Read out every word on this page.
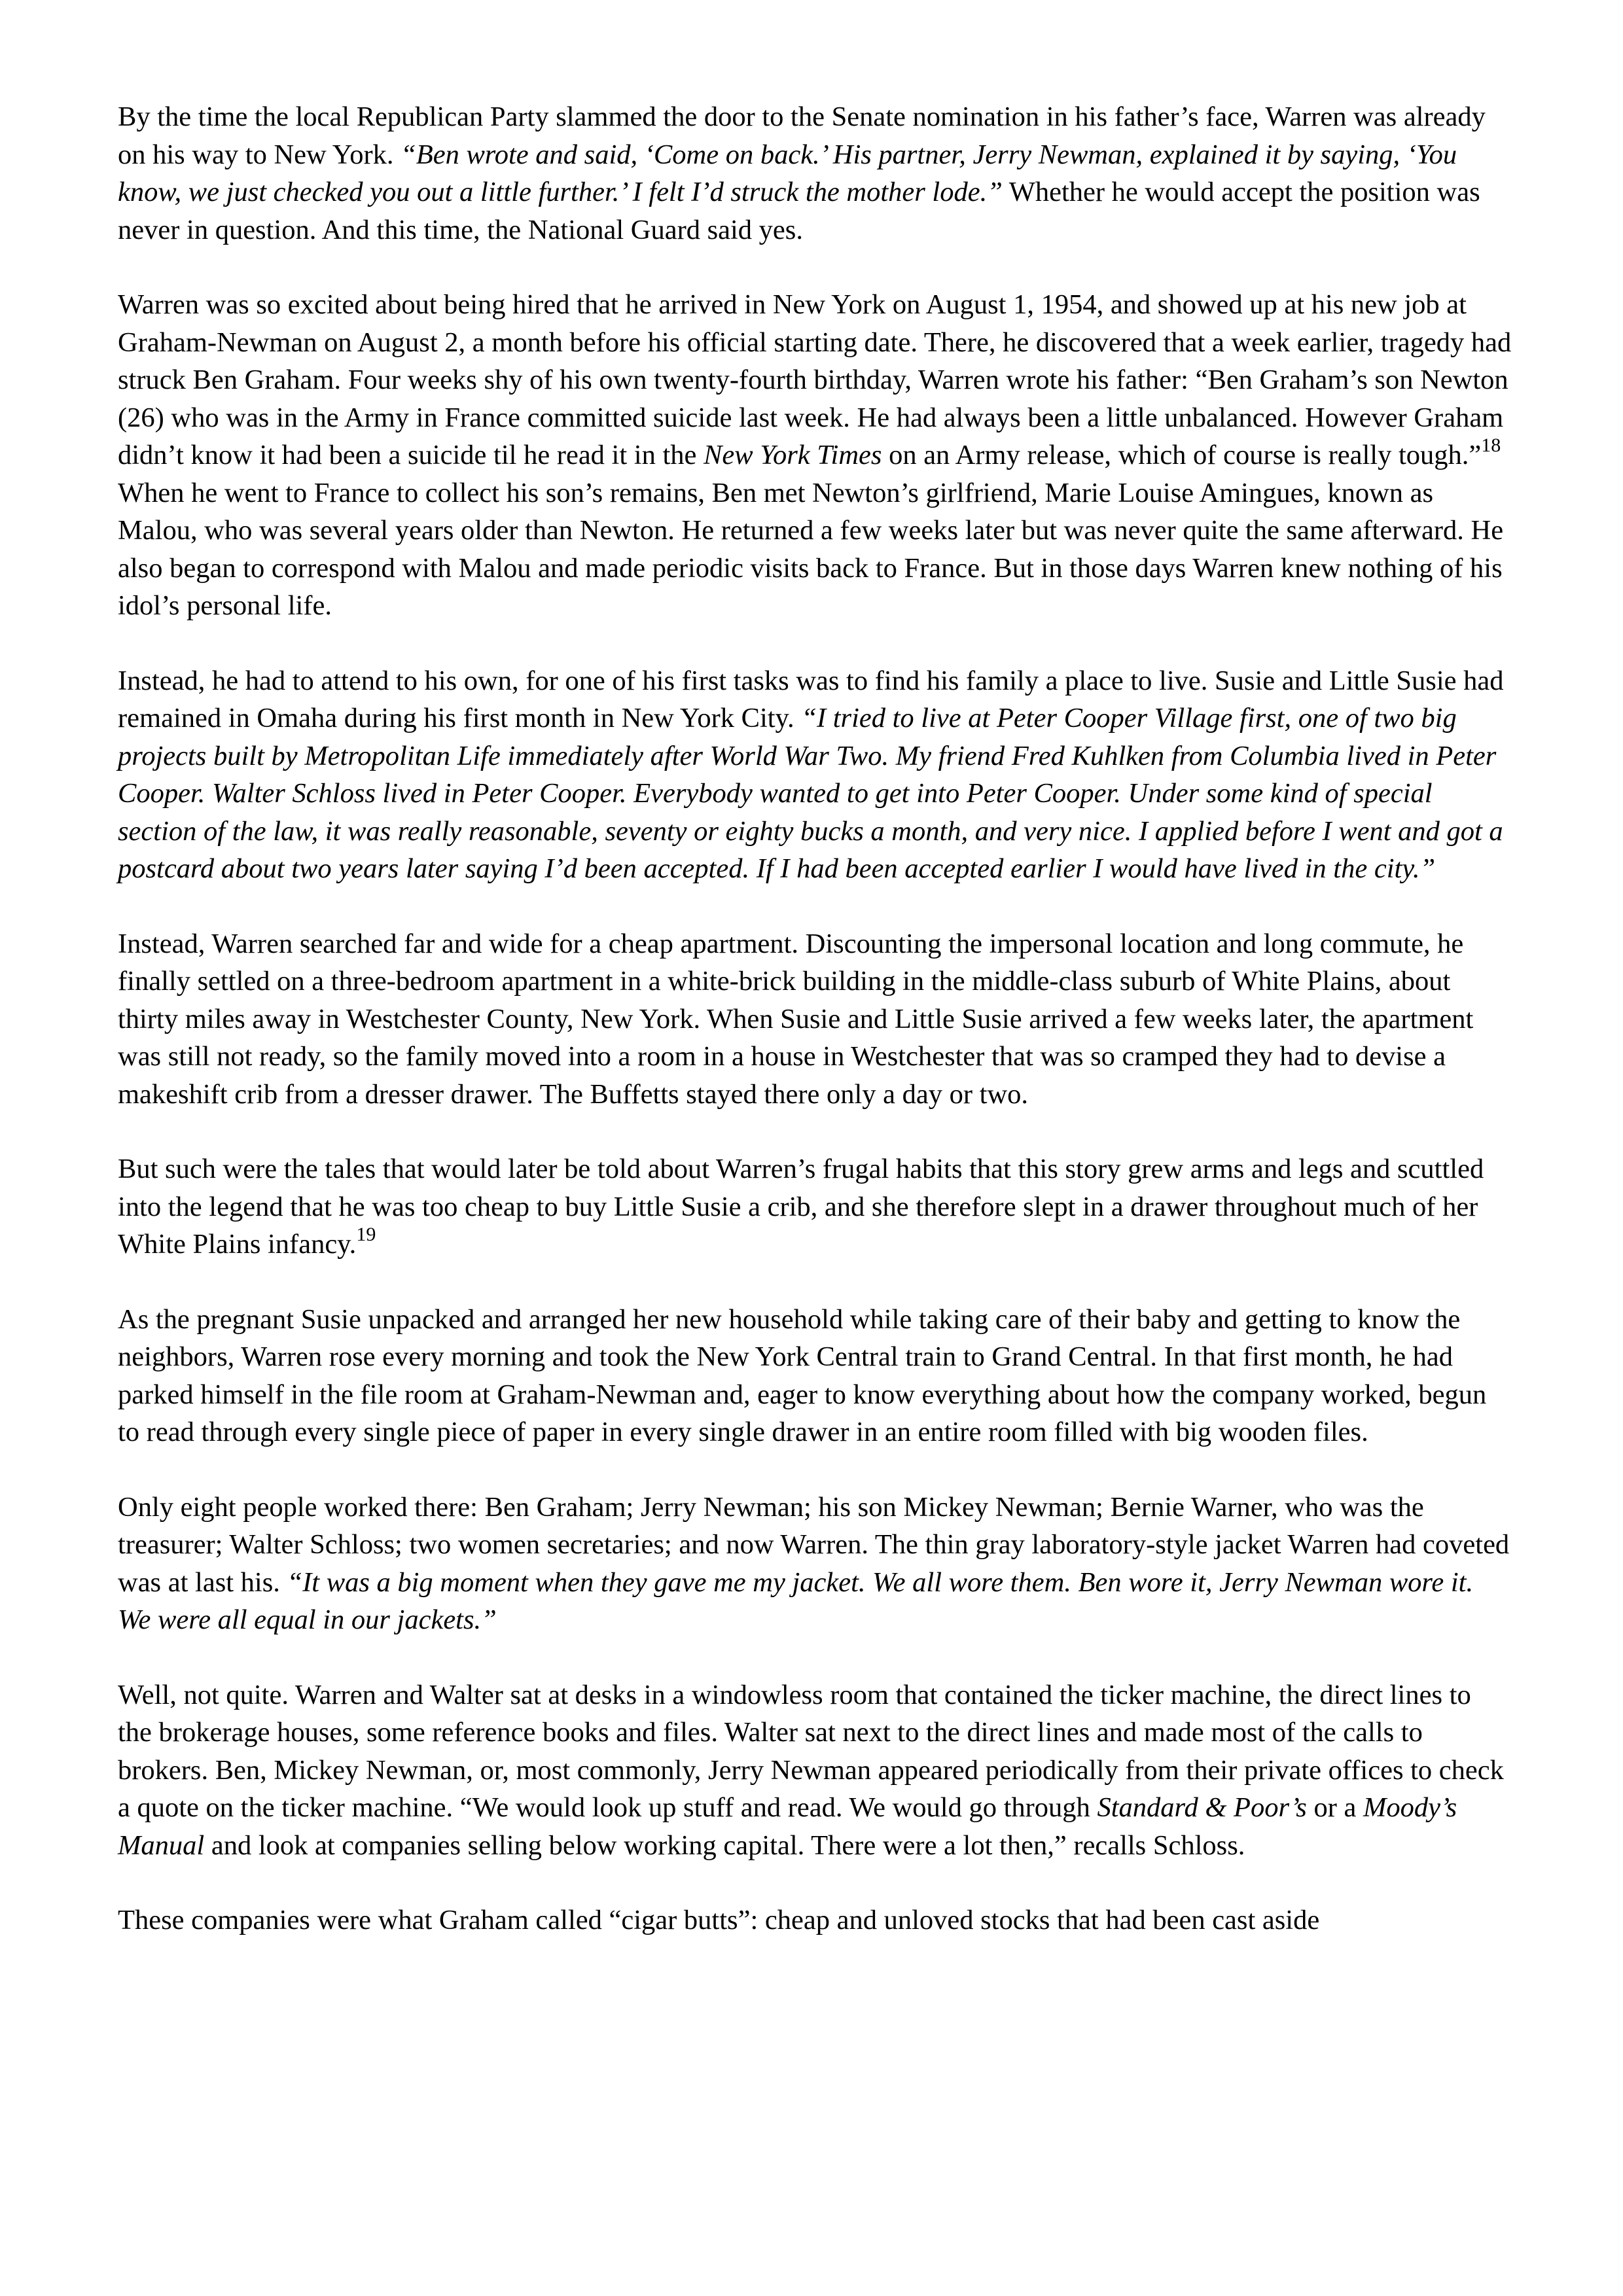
By the time the local Republican Party slammed the door to the Senate nomination in his father’s face, Warren was already on his way to New York. “Ben wrote and said, ‘Come on back.’ His partner, Jerry Newman, explained it by saying, ‘You know, we just checked you out a little further.’ I felt I’d struck the mother lode.” Whether he would accept the position was never in question. And this time, the National Guard said yes.

Warren was so excited about being hired that he arrived in New York on August 1, 1954, and showed up at his new job at Graham-Newman on August 2, a month before his official starting date. There, he discovered that a week earlier, tragedy had struck Ben Graham. Four weeks shy of his own twenty-fourth birthday, Warren wrote his father: “Ben Graham’s son Newton (26) who was in the Army in France committed suicide last week. He had always been a little unbalanced. However Graham didn’t know it had been a suicide til he read it in the New York Times on an Army release, which of course is really tough.”$^{18}$ When he went to France to collect his son’s remains, Ben met Newton’s girlfriend, Marie Louise Amingues, known as Malou, who was several years older than Newton. He returned a few weeks later but was never quite the same afterward. He also began to correspond with Malou and made periodic visits back to France. But in those days Warren knew nothing of his idol’s personal life.

Instead, he had to attend to his own, for one of his first tasks was to find his family a place to live. Susie and Little Susie had remained in Omaha during his first month in New York City. “I tried to live at Peter Cooper Village first, one of two big projects built by Metropolitan Life immediately after World War Two. My friend Fred Kuhlken from Columbia lived in Peter Cooper. Walter Schloss lived in Peter Cooper. Everybody wanted to get into Peter Cooper. Under some kind of special section of the law, it was really reasonable, seventy or eighty bucks a month, and very nice. I applied before I went and got a postcard about two years later saying I’d been accepted. If I had been accepted earlier I would have lived in the city.”

Instead, Warren searched far and wide for a cheap apartment. Discounting the impersonal location and long commute, he finally settled on a three-bedroom apartment in a white-brick building in the middle-class suburb of White Plains, about thirty miles away in Westchester County, New York. When Susie and Little Susie arrived a few weeks later, the apartment was still not ready, so the family moved into a room in a house in Westchester that was so cramped they had to devise a makeshift crib from a dresser drawer. The Buffetts stayed there only a day or two.

But such were the tales that would later be told about Warren’s frugal habits that this story grew arms and legs and scuttled into the legend that he was too cheap to buy Little Susie a crib, and she therefore slept in a drawer throughout much of her White Plains infancy.$^{19}$

As the pregnant Susie unpacked and arranged her new household while taking care of their baby and getting to know the neighbors, Warren rose every morning and took the New York Central train to Grand Central. In that first month, he had parked himself in the file room at Graham-Newman and, eager to know everything about how the company worked, begun to read through every single piece of paper in every single drawer in an entire room filled with big wooden files.

Only eight people worked there: Ben Graham; Jerry Newman; his son Mickey Newman; Bernie Warner, who was the treasurer; Walter Schloss; two women secretaries; and now Warren. The thin gray laboratory-style jacket Warren had coveted was at last his. “It was a big moment when they gave me my jacket. We all wore them. Ben wore it, Jerry Newman wore it. We were all equal in our jackets.”

Well, not quite. Warren and Walter sat at desks in a windowless room that contained the ticker machine, the direct lines to the brokerage houses, some reference books and files. Walter sat next to the direct lines and made most of the calls to brokers. Ben, Mickey Newman, or, most commonly, Jerry Newman appeared periodically from their private offices to check a quote on the ticker machine. “We would look up stuff and read. We would go through Standard & Poor’s or a Moody’s Manual and look at companies selling below working capital. There were a lot then,” recalls Schloss.

These companies were what Graham called “cigar butts”: cheap and unloved stocks that had been cast aside
